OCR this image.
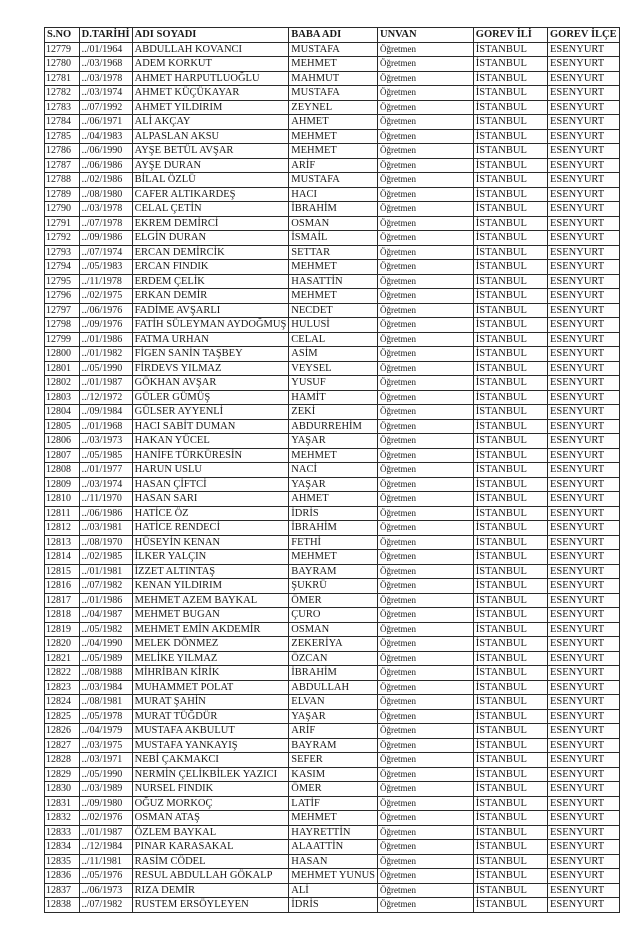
S.NO	D.TARİHİ	ADI SOYADI	BABA ADI	UNVAN	GOREV İLİ	GOREV İLÇE
12779	../01/1964	ABDULLAH KOVANCI	MUSTAFA	Öğretmen	İSTANBUL	ESENYURT
12780	../03/1968	ADEM KORKUT	MEHMET	Öğretmen	İSTANBUL	ESENYURT
12781	../03/1978	AHMET HARPUTLUOĞLU	MAHMUT	Öğretmen	İSTANBUL	ESENYURT
12782	../03/1974	AHMET KÜÇÜKAYAR	MUSTAFA	Öğretmen	İSTANBUL	ESENYURT
12783	../07/1992	AHMET YILDIRIM	ZEYNEL	Öğretmen	İSTANBUL	ESENYURT
12784	../06/1971	ALİ AKÇAY	AHMET	Öğretmen	İSTANBUL	ESENYURT
12785	../04/1983	ALPASLAN AKSU	MEHMET	Öğretmen	İSTANBUL	ESENYURT
12786	../06/1990	AYŞE BETÜL AVŞAR	MEHMET	Öğretmen	İSTANBUL	ESENYURT
12787	../06/1986	AYŞE DURAN	ARİF	Öğretmen	İSTANBUL	ESENYURT
12788	../02/1986	BİLAL ÖZLÜ	MUSTAFA	Öğretmen	İSTANBUL	ESENYURT
12789	../08/1980	CAFER ALTIKARDEŞ	HACI	Öğretmen	İSTANBUL	ESENYURT
12790	../03/1978	CELAL ÇETİN	İBRAHİM	Öğretmen	İSTANBUL	ESENYURT
12791	../07/1978	EKREM DEMİRCİ	OSMAN	Öğretmen	İSTANBUL	ESENYURT
12792	../09/1986	ELGİN DURAN	İSMAİL	Öğretmen	İSTANBUL	ESENYURT
12793	../07/1974	ERCAN DEMİRCİK	SETTAR	Öğretmen	İSTANBUL	ESENYURT
12794	../05/1983	ERCAN FINDIK	MEHMET	Öğretmen	İSTANBUL	ESENYURT
12795	../11/1978	ERDEM ÇELİK	HASATTİN	Öğretmen	İSTANBUL	ESENYURT
12796	../02/1975	ERKAN DEMİR	MEHMET	Öğretmen	İSTANBUL	ESENYURT
12797	../06/1976	FADİME AVŞARLI	NECDET	Öğretmen	İSTANBUL	ESENYURT
12798	../09/1976	FATİH SÜLEYMAN AYDOĞMUŞ	HULUSİ	Öğretmen	İSTANBUL	ESENYURT
12799	../01/1986	FATMA URHAN	CELAL	Öğretmen	İSTANBUL	ESENYURT
12800	../01/1982	FİGEN SANİN TAŞBEY	ASİM	Öğretmen	İSTANBUL	ESENYURT
12801	../05/1990	FİRDEVS YILMAZ	VEYSEL	Öğretmen	İSTANBUL	ESENYURT
12802	../01/1987	GÖKHAN AVŞAR	YUSUF	Öğretmen	İSTANBUL	ESENYURT
12803	../12/1972	GÜLER GÜMÜŞ	HAMİT	Öğretmen	İSTANBUL	ESENYURT
12804	../09/1984	GÜLSER AYYENLİ	ZEKİ	Öğretmen	İSTANBUL	ESENYURT
12805	../01/1968	HACI SABİT DUMAN	ABDURREHİM	Öğretmen	İSTANBUL	ESENYURT
12806	../03/1973	HAKAN YÜCEL	YAŞAR	Öğretmen	İSTANBUL	ESENYURT
12807	../05/1985	HANİFE TÜRKÜRESİN	MEHMET	Öğretmen	İSTANBUL	ESENYURT
12808	../01/1977	HARUN USLU	NACİ	Öğretmen	İSTANBUL	ESENYURT
12809	../03/1974	HASAN ÇİFTCİ	YAŞAR	Öğretmen	İSTANBUL	ESENYURT
12810	../11/1970	HASAN SARI	AHMET	Öğretmen	İSTANBUL	ESENYURT
12811	../06/1986	HATİCE ÖZ	İDRİS	Öğretmen	İSTANBUL	ESENYURT
12812	../03/1981	HATİCE RENDECİ	İBRAHİM	Öğretmen	İSTANBUL	ESENYURT
12813	../08/1970	HÜSEYİN KENAN	FETHİ	Öğretmen	İSTANBUL	ESENYURT
12814	../02/1985	İLKER YALÇIN	MEHMET	Öğretmen	İSTANBUL	ESENYURT
12815	../01/1981	İZZET ALTINTAŞ	BAYRAM	Öğretmen	İSTANBUL	ESENYURT
12816	../07/1982	KENAN YILDIRIM	ŞUKRÜ	Öğretmen	İSTANBUL	ESENYURT
12817	../01/1986	MEHMET AZEM BAYKAL	ÖMER	Öğretmen	İSTANBUL	ESENYURT
12818	../04/1987	MEHMET BUGAN	ÇURO	Öğretmen	İSTANBUL	ESENYURT
12819	../05/1982	MEHMET EMİN AKDEMİR	OSMAN	Öğretmen	İSTANBUL	ESENYURT
12820	../04/1990	MELEK DÖNMEZ	ZEKERİYA	Öğretmen	İSTANBUL	ESENYURT
12821	../05/1989	MELİKE YILMAZ	ÖZCAN	Öğretmen	İSTANBUL	ESENYURT
12822	../08/1988	MİHRİBAN KİRİK	İBRAHİM	Öğretmen	İSTANBUL	ESENYURT
12823	../03/1984	MUHAMMET POLAT	ABDULLAH	Öğretmen	İSTANBUL	ESENYURT
12824	../08/1981	MURAT ŞAHİN	ELVAN	Öğretmen	İSTANBUL	ESENYURT
12825	../05/1978	MURAT TÜĞDÜR	YAŞAR	Öğretmen	İSTANBUL	ESENYURT
12826	../04/1979	MUSTAFA AKBULUT	ARİF	Öğretmen	İSTANBUL	ESENYURT
12827	../03/1975	MUSTAFA YANKAYIŞ	BAYRAM	Öğretmen	İSTANBUL	ESENYURT
12828	../03/1971	NEBİ ÇAKMAKCI	SEFER	Öğretmen	İSTANBUL	ESENYURT
12829	../05/1990	NERMİN ÇELİKBİLEK YAZICI	KASIM	Öğretmen	İSTANBUL	ESENYURT
12830	../03/1989	NURSEL FINDIK	ÖMER	Öğretmen	İSTANBUL	ESENYURT
12831	../09/1980	OĞUZ MORKOÇ	LATİF	Öğretmen	İSTANBUL	ESENYURT
12832	../02/1976	OSMAN ATAŞ	MEHMET	Öğretmen	İSTANBUL	ESENYURT
12833	../01/1987	ÖZLEM BAYKAL	HAYRETTİN	Öğretmen	İSTANBUL	ESENYURT
12834	../12/1984	PINAR KARASAKAL	ALAATTİN	Öğretmen	İSTANBUL	ESENYURT
12835	../11/1981	RASİM CÖDEL	HASAN	Öğretmen	İSTANBUL	ESENYURT
12836	../05/1976	RESUL ABDULLAH GÖKALP	MEHMET YUNUS	Öğretmen	İSTANBUL	ESENYURT
12837	../06/1973	RIZA DEMİR	ALİ	Öğretmen	İSTANBUL	ESENYURT
12838	../07/1982	RUSTEM ERSÖYLEYEN	İDRİS	Öğretmen	İSTANBUL	ESENYURT
